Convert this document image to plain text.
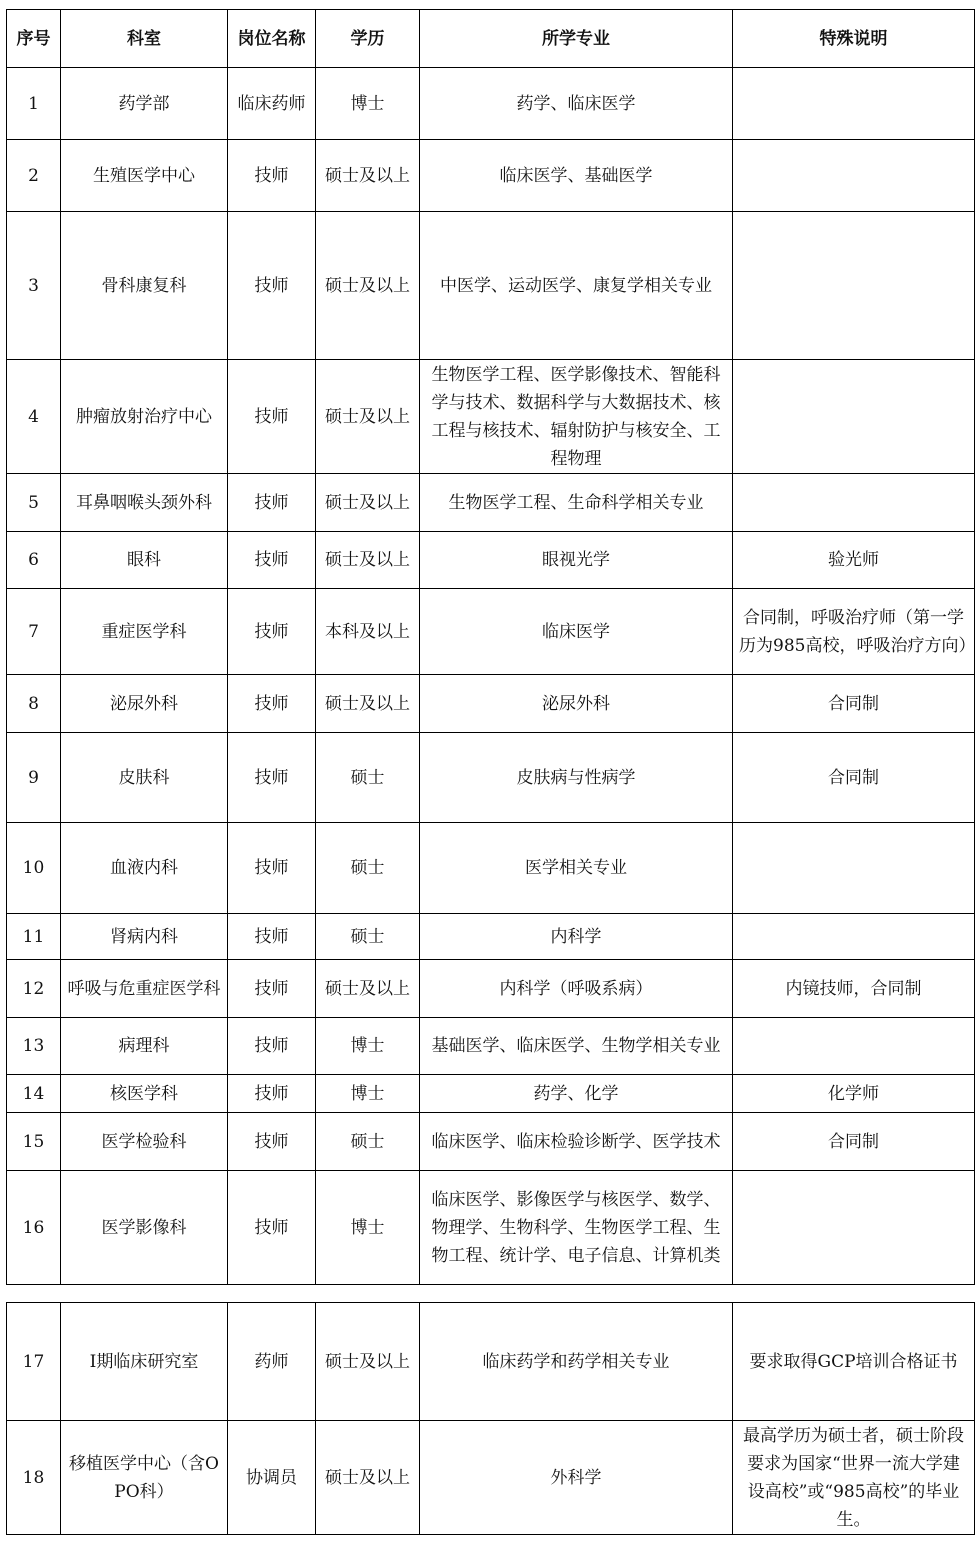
序号	科室	岗位名称	学历	所学专业	特殊说明
1	药学部	临床药师	博士	药学、临床医学	
2	生殖医学中心	技师	硕士及以上	临床医学、基础医学	
3	骨科康复科	技师	硕士及以上	中医学、运动医学、康复学相关专业	
4	肿瘤放射治疗中心	技师	硕士及以上	生物医学工程、医学影像技术、智能科学与技术、数据科学与大数据技术、核工程与核技术、辐射防护与核安全、工程物理	
5	耳鼻咽喉头颈外科	技师	硕士及以上	生物医学工程、生命科学相关专业	
6	眼科	技师	硕士及以上	眼视光学	验光师
7	重症医学科	技师	本科及以上	临床医学	合同制，呼吸治疗师（第一学历为985高校，呼吸治疗方向）
8	泌尿外科	技师	硕士及以上	泌尿外科	合同制
9	皮肤科	技师	硕士	皮肤病与性病学	合同制
10	血液内科	技师	硕士	医学相关专业	
11	肾病内科	技师	硕士	内科学	
12	呼吸与危重症医学科	技师	硕士及以上	内科学（呼吸系病）	内镜技师，合同制
13	病理科	技师	博士	基础医学、临床医学、生物学相关专业	
14	核医学科	技师	博士	药学、化学	化学师
15	医学检验科	技师	硕士	临床医学、临床检验诊断学、医学技术	合同制
16	医学影像科	技师	博士	临床医学、影像医学与核医学、数学、物理学、生物科学、生物医学工程、生物工程、统计学、电子信息、计算机类	
17	I期临床研究室	药师	硕士及以上	临床药学和药学相关专业	要求取得GCP培训合格证书
18	移植医学中心（含OPO科）	协调员	硕士及以上	外科学	最高学历为硕士者，硕士阶段要求为国家“世界一流大学建设高校”或“985高校”的毕业生。
